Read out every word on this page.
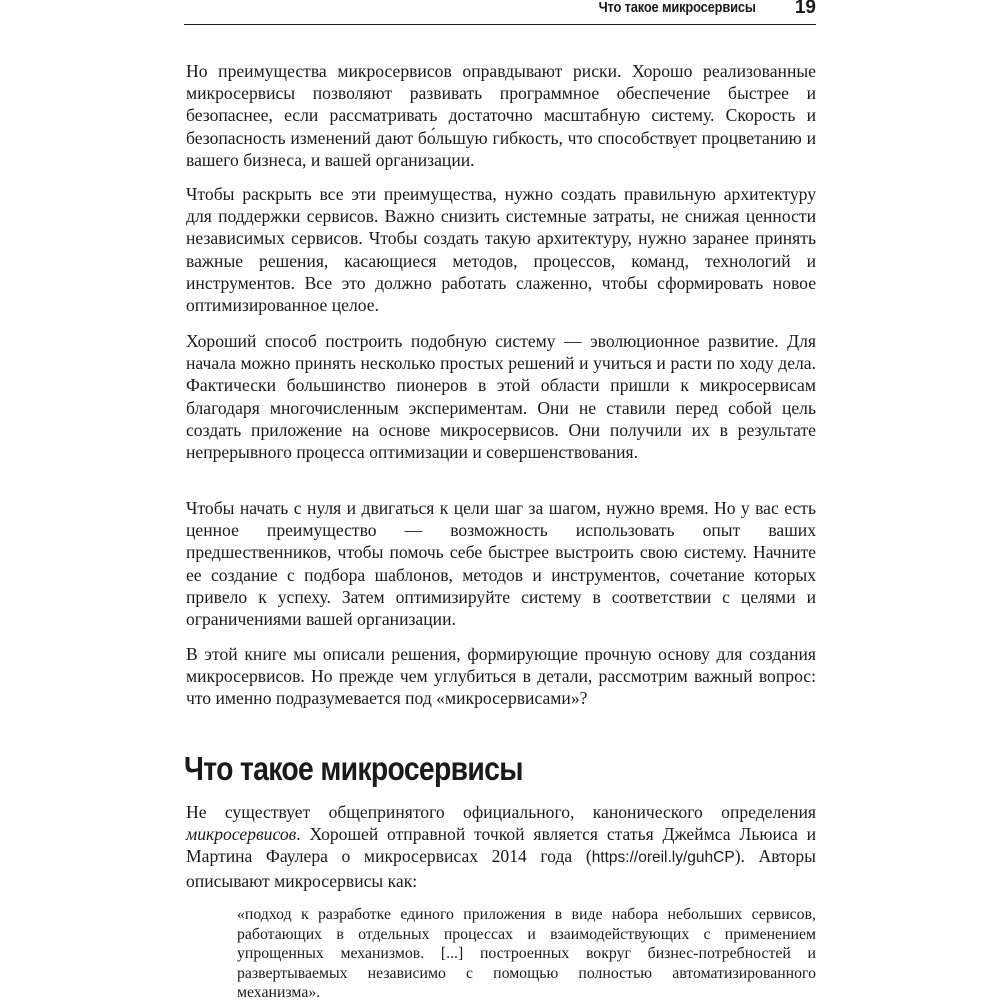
Что такое микросервисы 19

Но преимущества микросервисов оправдывают риски. Хорошо реализованные микросервисы позволяют развивать программное обеспечение быстрее и безопаснее, если рассматривать достаточно масштабную систему. Скорость и безопасность изменений дают бо́льшую гибкость, что способствует процветанию и вашего бизнеса, и вашей организации.

Чтобы раскрыть все эти преимущества, нужно создать правильную архитектуру для поддержки сервисов. Важно снизить системные затраты, не снижая ценности независимых сервисов. Чтобы создать такую архитектуру, нужно заранее принять важные решения, касающиеся методов, процессов, команд, технологий и инструментов. Все это должно работать слаженно, чтобы сформировать новое оптимизированное целое.

Хороший способ построить подобную систему — эволюционное развитие. Для начала можно принять несколько простых решений и учиться и расти по ходу дела. Фактически большинство пионеров в этой области пришли к микросервисам благодаря многочисленным экспериментам. Они не ставили перед собой цель создать приложение на основе микросервисов. Они получили их в результате непрерывного процесса оптимизации и совершенствования.

Чтобы начать с нуля и двигаться к цели шаг за шагом, нужно время. Но у вас есть ценное преимущество — возможность использовать опыт ваших предшественников, чтобы помочь себе быстрее выстроить свою систему. Начните ее создание с подбора шаблонов, методов и инструментов, сочетание которых привело к успеху. Затем оптимизируйте систему в соответствии с целями и ограничениями вашей организации.

В этой книге мы описали решения, формирующие прочную основу для создания микросервисов. Но прежде чем углубиться в детали, рассмотрим важный вопрос: что именно подразумевается под «микросервисами»?

Что такое микросервисы

Не существует общепринятого официального, канонического определения микросервисов. Хорошей отправной точкой является статья Джеймса Льюиса и Мартина Фаулера о микросервисах 2014 года (https://oreil.ly/guhCP). Авторы описывают микросервисы как:

«подход к разработке единого приложения в виде набора небольших сервисов, работающих в отдельных процессах и взаимодействующих с применением упрощенных механизмов. [...] построенных вокруг бизнес-потребностей и развертываемых независимо с помощью полностью автоматизированного механизма».
